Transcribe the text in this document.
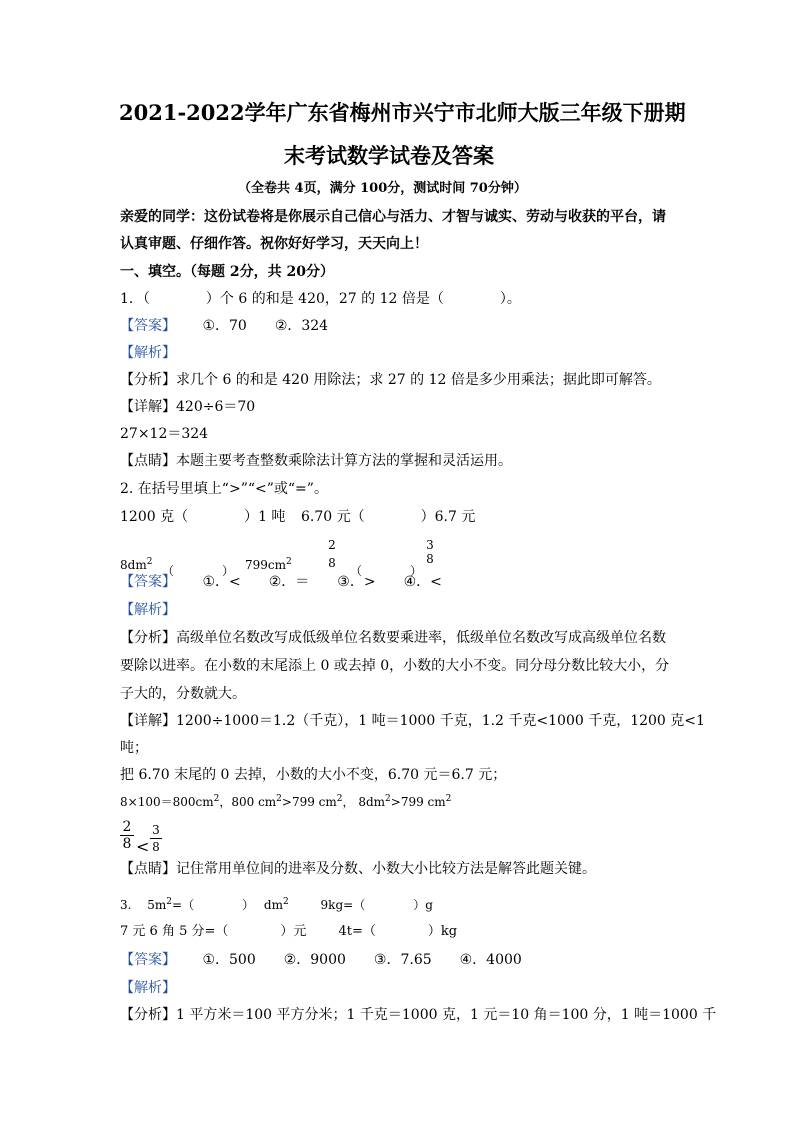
2021-2022学年广东省梅州市兴宁市北师大版三年级下册期
末考试数学试卷及答案
（全卷共 4页，满分 100分，测试时间 70分钟）
亲爱的同学：这份试卷将是你展示自己信心与活力、才智与诚实、劳动与收获的平台，请
认真审题、仔细作答。祝你好好学习，天天向上！
一、填空。（每题 2分，共 20分）
1．（　　　　）个 6 的和是 420，27 的 12 倍是（　　　　）。
【答案】 ①．70　　②．324
【解析】
【分析】求几个 6 的和是 420 用除法；求 27 的 12 倍是多少用乘法；据此即可解答。
【详解】420÷6＝70
27×12＝324
【点睛】本题主要考查整数乘除法计算方法的掌握和灵活运用。
2. 在括号里填上“>”“<”或“=”。
1200 克（　　　　）1 吨 6.70 元（　　　　）6.7 元
$8dm^2$
（　　　　） $799cm^2$
2
8
（　　　　）
3
8
【答案】 ①．<　　②．＝　　③．>　　④．<
【解析】
【分析】高级单位名数改写成低级单位名数要乘进率，低级单位名数改写成高级单位名数
要除以进率。在小数的末尾添上 0 或去掉 0，小数的大小不变。同分母分数比较大小，分
子大的，分数就大。
【详解】1200÷1000＝1.2（千克），1 吨＝1000 千克，1.2 千克<1000 千克，1200 克<1
吨；
把 6.70 末尾的 0 去掉，小数的大小不变，6.70 元＝6.7 元；
$8\times 100=800cm^2$，800 $cm^2>799$ $cm^2$， $8dm^2>799$ $cm^2$
2
8 <
3
8
【点睛】记住常用单位间的进率及分数、小数大小比较方法是解答此题关键。
3. $5m^2=$（　　　　） $dm^2$	9kg=（　　　　）g
7 元 6 角 5 分=（　　　　）元 4t=（　　　　）kg
【答案】 ①．500　　②．9000　　③．7.65　　④．4000
【解析】
【分析】1 平方米＝100 平方分米；1 千克＝1000 克，1 元＝10 角＝100 分，1 吨＝1000 千
